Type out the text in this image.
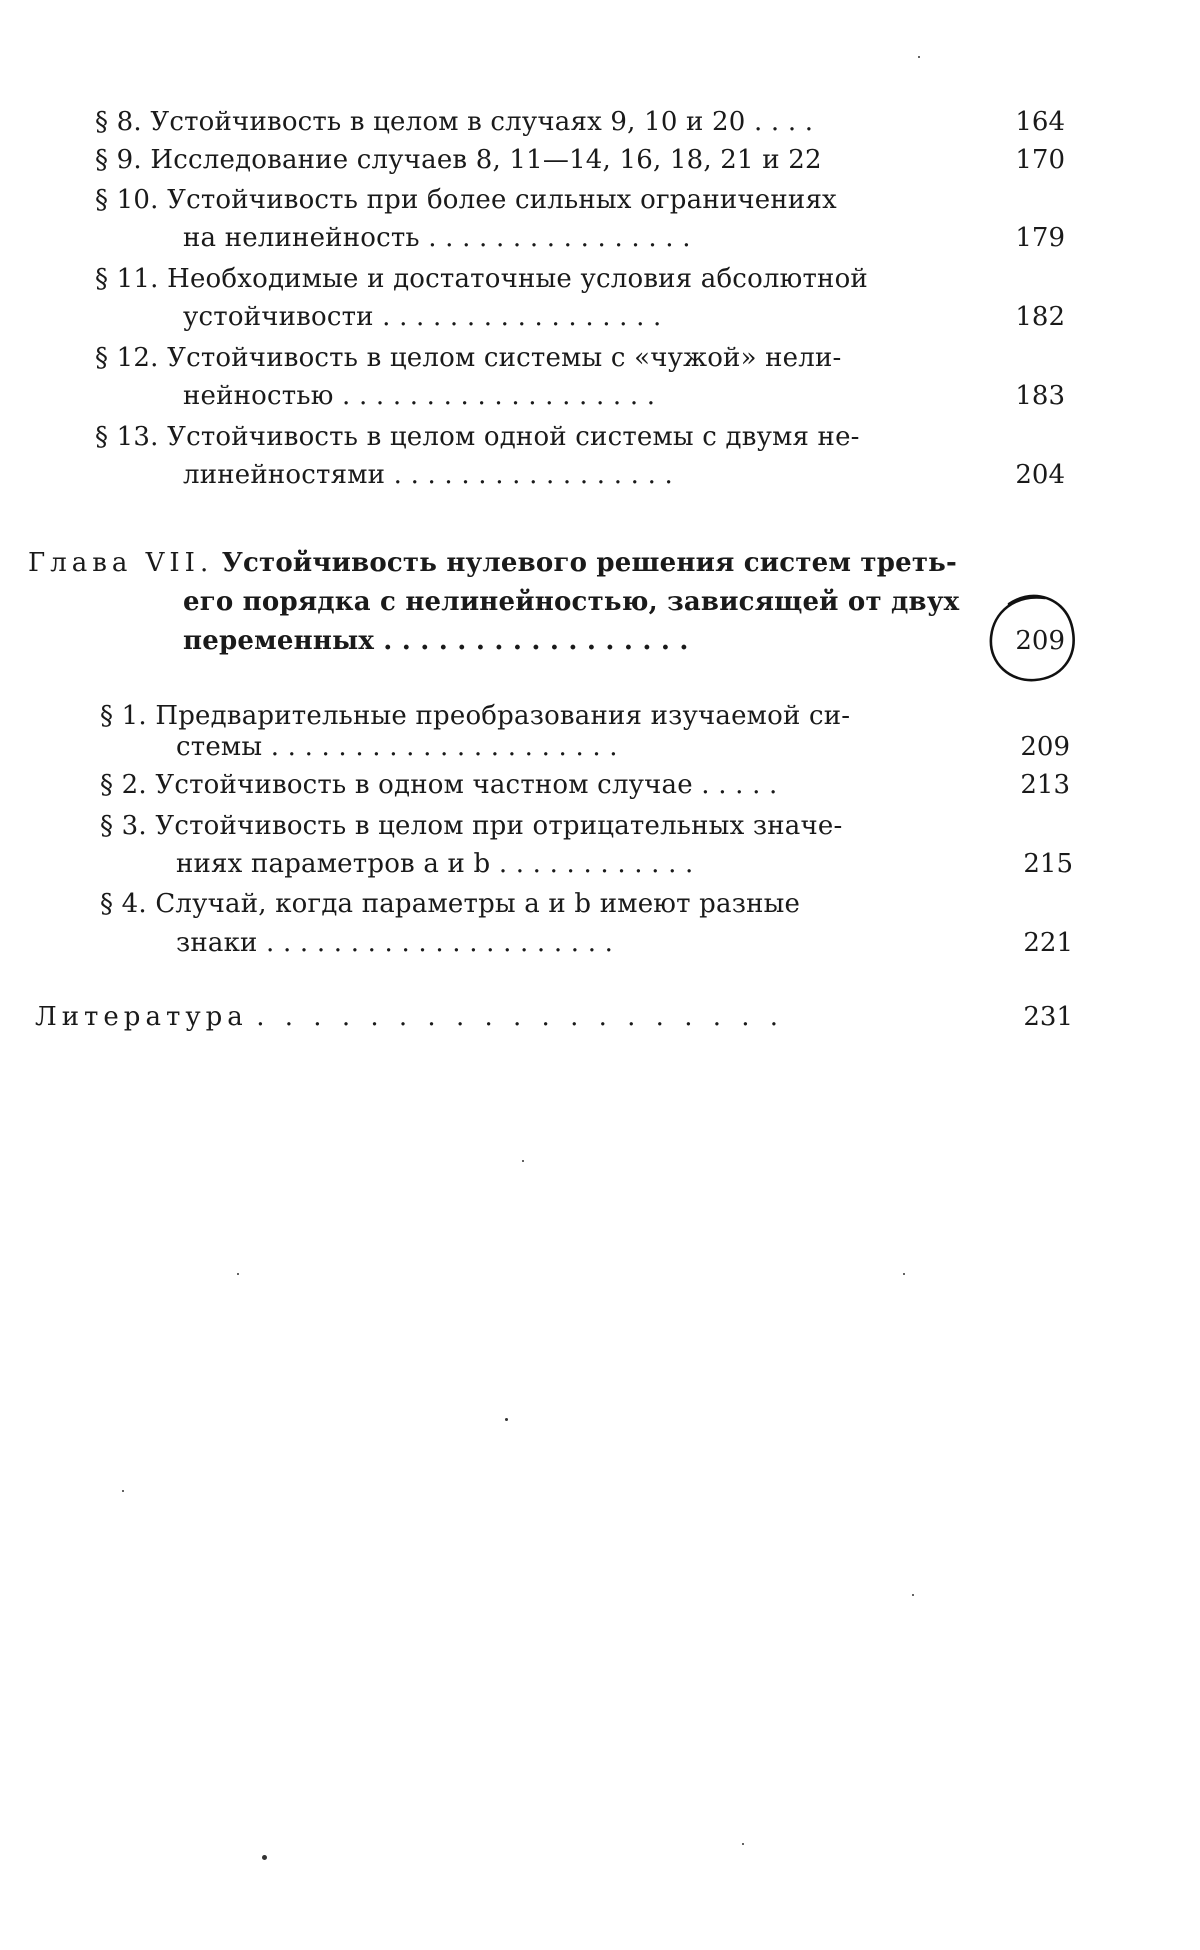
§ 8. Устойчивость в целом в случаях 9, 10 и 20 . . . .	164
§ 9. Исследование случаев 8, 11—14, 16, 18, 21 и 22	170
§ 10. Устойчивость при более сильных ограничениях
на нелинейность . . . . . . . . . . . . . . . .	179
§ 11. Необходимые и достаточные условия абсолютной
устойчивости . . . . . . . . . . . . . . . . .	182
§ 12. Устойчивость в целом системы с «чужой» нели-
нейностью . . . . . . . . . . . . . . . . . . .	183
§ 13. Устойчивость в целом одной системы с двумя не-
линейностями . . . . . . . . . . . . . . . . .	204
Глава VII. Устойчивость нулевого решения систем треть-
его порядка с нелинейностью, зависящей от двух
переменных . . . . . . . . . . . . . . . . .	209
§ 1. Предварительные преобразования изучаемой си-
стемы . . . . . . . . . . . . . . . . . . . . .	209
§ 2. Устойчивость в одном частном случае . . . . .	213
§ 3. Устойчивость в целом при отрицательных значе-
ниях параметров a и b . . . . . . . . . . . .	215
§ 4. Случай, когда параметры a и b имеют разные
знаки . . . . . . . . . . . . . . . . . . . . .	221
Литература . . . . . . . . . . . . . . . . . . .	231
